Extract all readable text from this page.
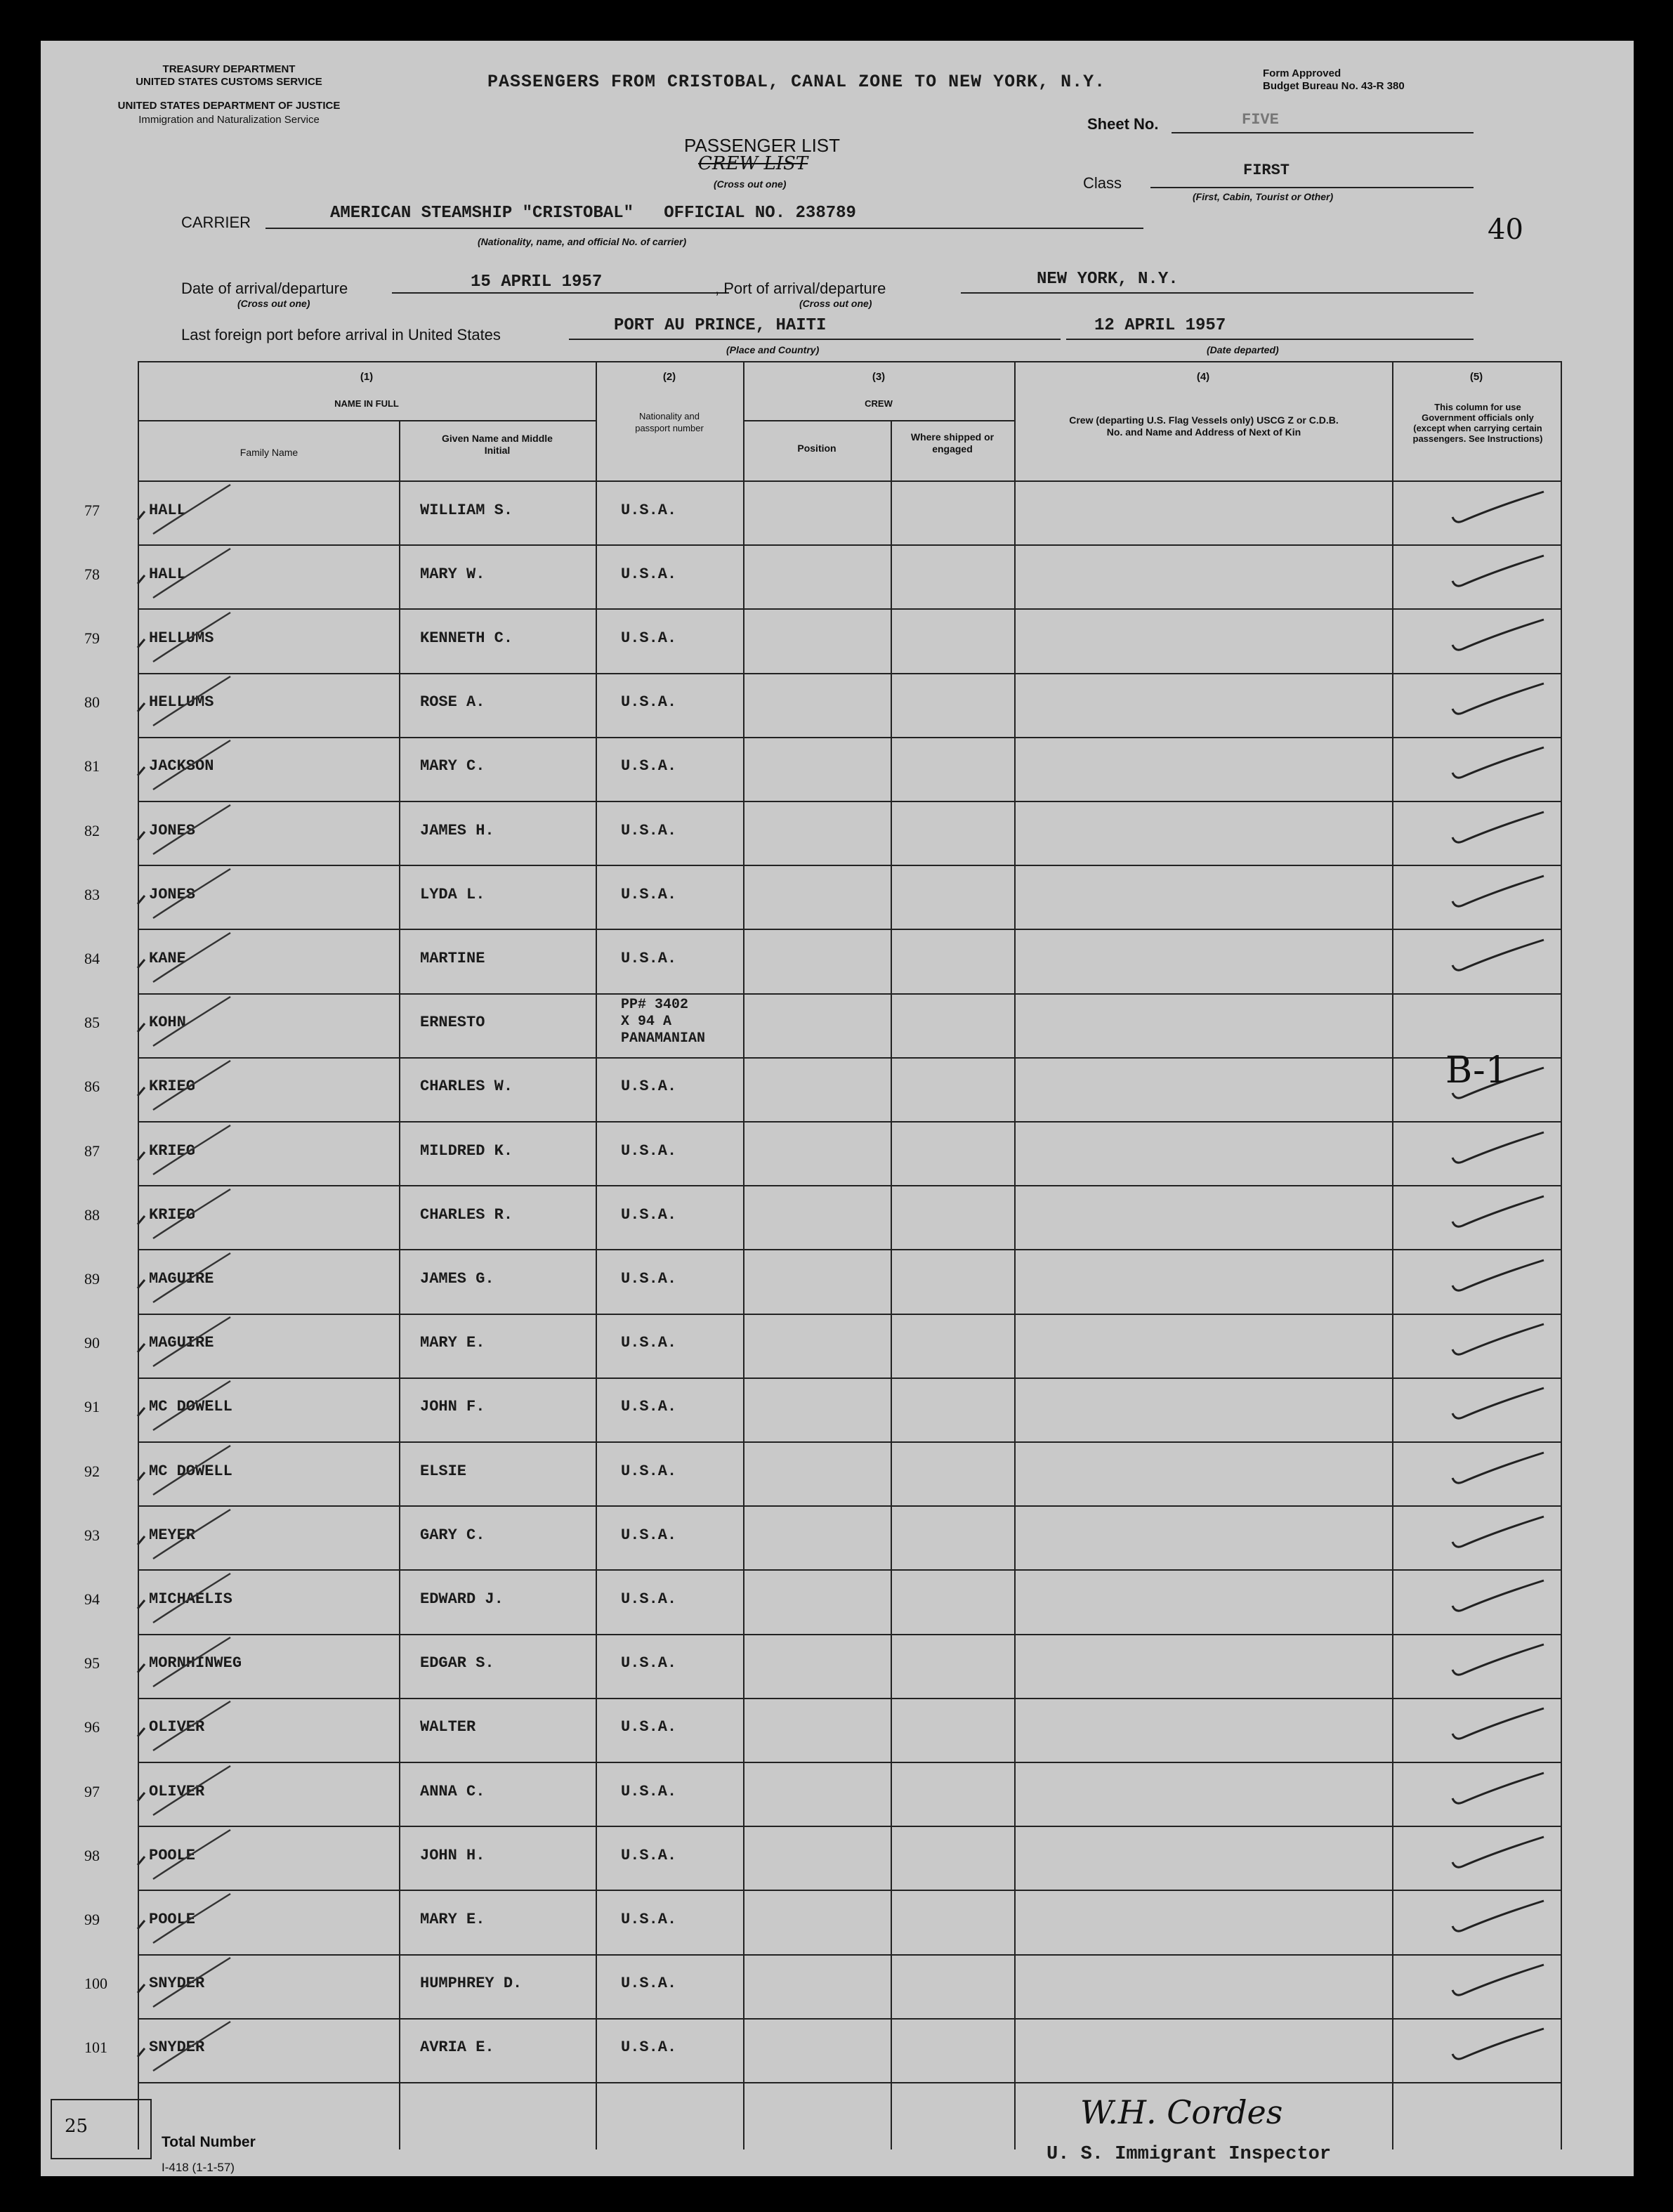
TREASURY DEPARTMENT
UNITED STATES CUSTOMS SERVICE
UNITED STATES DEPARTMENT OF JUSTICE
Immigration and Naturalization Service
PASSENGERS FROM CRISTOBAL, CANAL ZONE TO NEW YORK, N.Y.	Form Approved
Budget Bureau No. 43-R 380
Sheet No.	FIVE
PASSENGER LIST
CREW LIST
(Cross out one)	Class
FIRST
(First, Cabin, Tourist or Other)
40
CARRIER	AMERICAN STEAMSHIP "CRISTOBAL"   OFFICIAL NO. 238789
(Nationality, name, and official No. of carrier)
Date of arrival/departure
(Cross out one)
15 APRIL 1957	, Port of arrival/departure
(Cross out one)
NEW YORK, N.Y.
Last foreign port before arrival in United States	PORT AU PRINCE, HAITI
(Place and Country)
12 APRIL 1957
(Date departed)
(1)
NAME IN FULL
Family Name
Given Name and Middle Initial
(2)
Nationality and passport number
(3)
CREW
Position
Where shipped or engaged
(4)
Crew (departing U.S. Flag Vessels only) USCG Z or C.D.B. No. and Name and Address of Next of Kin
(5)
This column for use Government officials only (except when carrying certain passengers. See Instructions)
77	HALL	WILLIAM S.	U.S.A.
78	HALL	MARY W.	U.S.A.
79	HELLUMS	KENNETH C.	U.S.A.
80	HELLUMS	ROSE A.	U.S.A.
81	JACKSON	MARY C.	U.S.A.
82	JONES	JAMES H.	U.S.A.
83	JONES	LYDA L.	U.S.A.
84	KANE	MARTINE	U.S.A.
85	KOHN	ERNESTO
PP# 3402
X 94 A
PANAMANIAN
86	KRIEG	CHARLES W.	U.S.A.
87	KRIEG	MILDRED K.	U.S.A.
88	KRIEG	CHARLES R.	U.S.A.
89	MAGUIRE	JAMES G.	U.S.A.
90	MAGUIRE	MARY E.	U.S.A.
91	MC DOWELL	JOHN F.	U.S.A.
92	MC DOWELL	ELSIE	U.S.A.
93	MEYER	GARY C.	U.S.A.
94	MICHAELIS	EDWARD J.	U.S.A.
95	MORNHINWEG	EDGAR S.	U.S.A.
96	OLIVER	WALTER	U.S.A.
97	OLIVER	ANNA C.	U.S.A.
98	POOLE	JOHN H.	U.S.A.
99	POOLE	MARY E.	U.S.A.
100	SNYDER	HUMPHREY D.	U.S.A.
101	SNYDER	AVRIA E.	U.S.A.
B-1
25
Total Number
I-418 (1-1-57)
W.H. Cordes
U. S. Immigrant Inspector
